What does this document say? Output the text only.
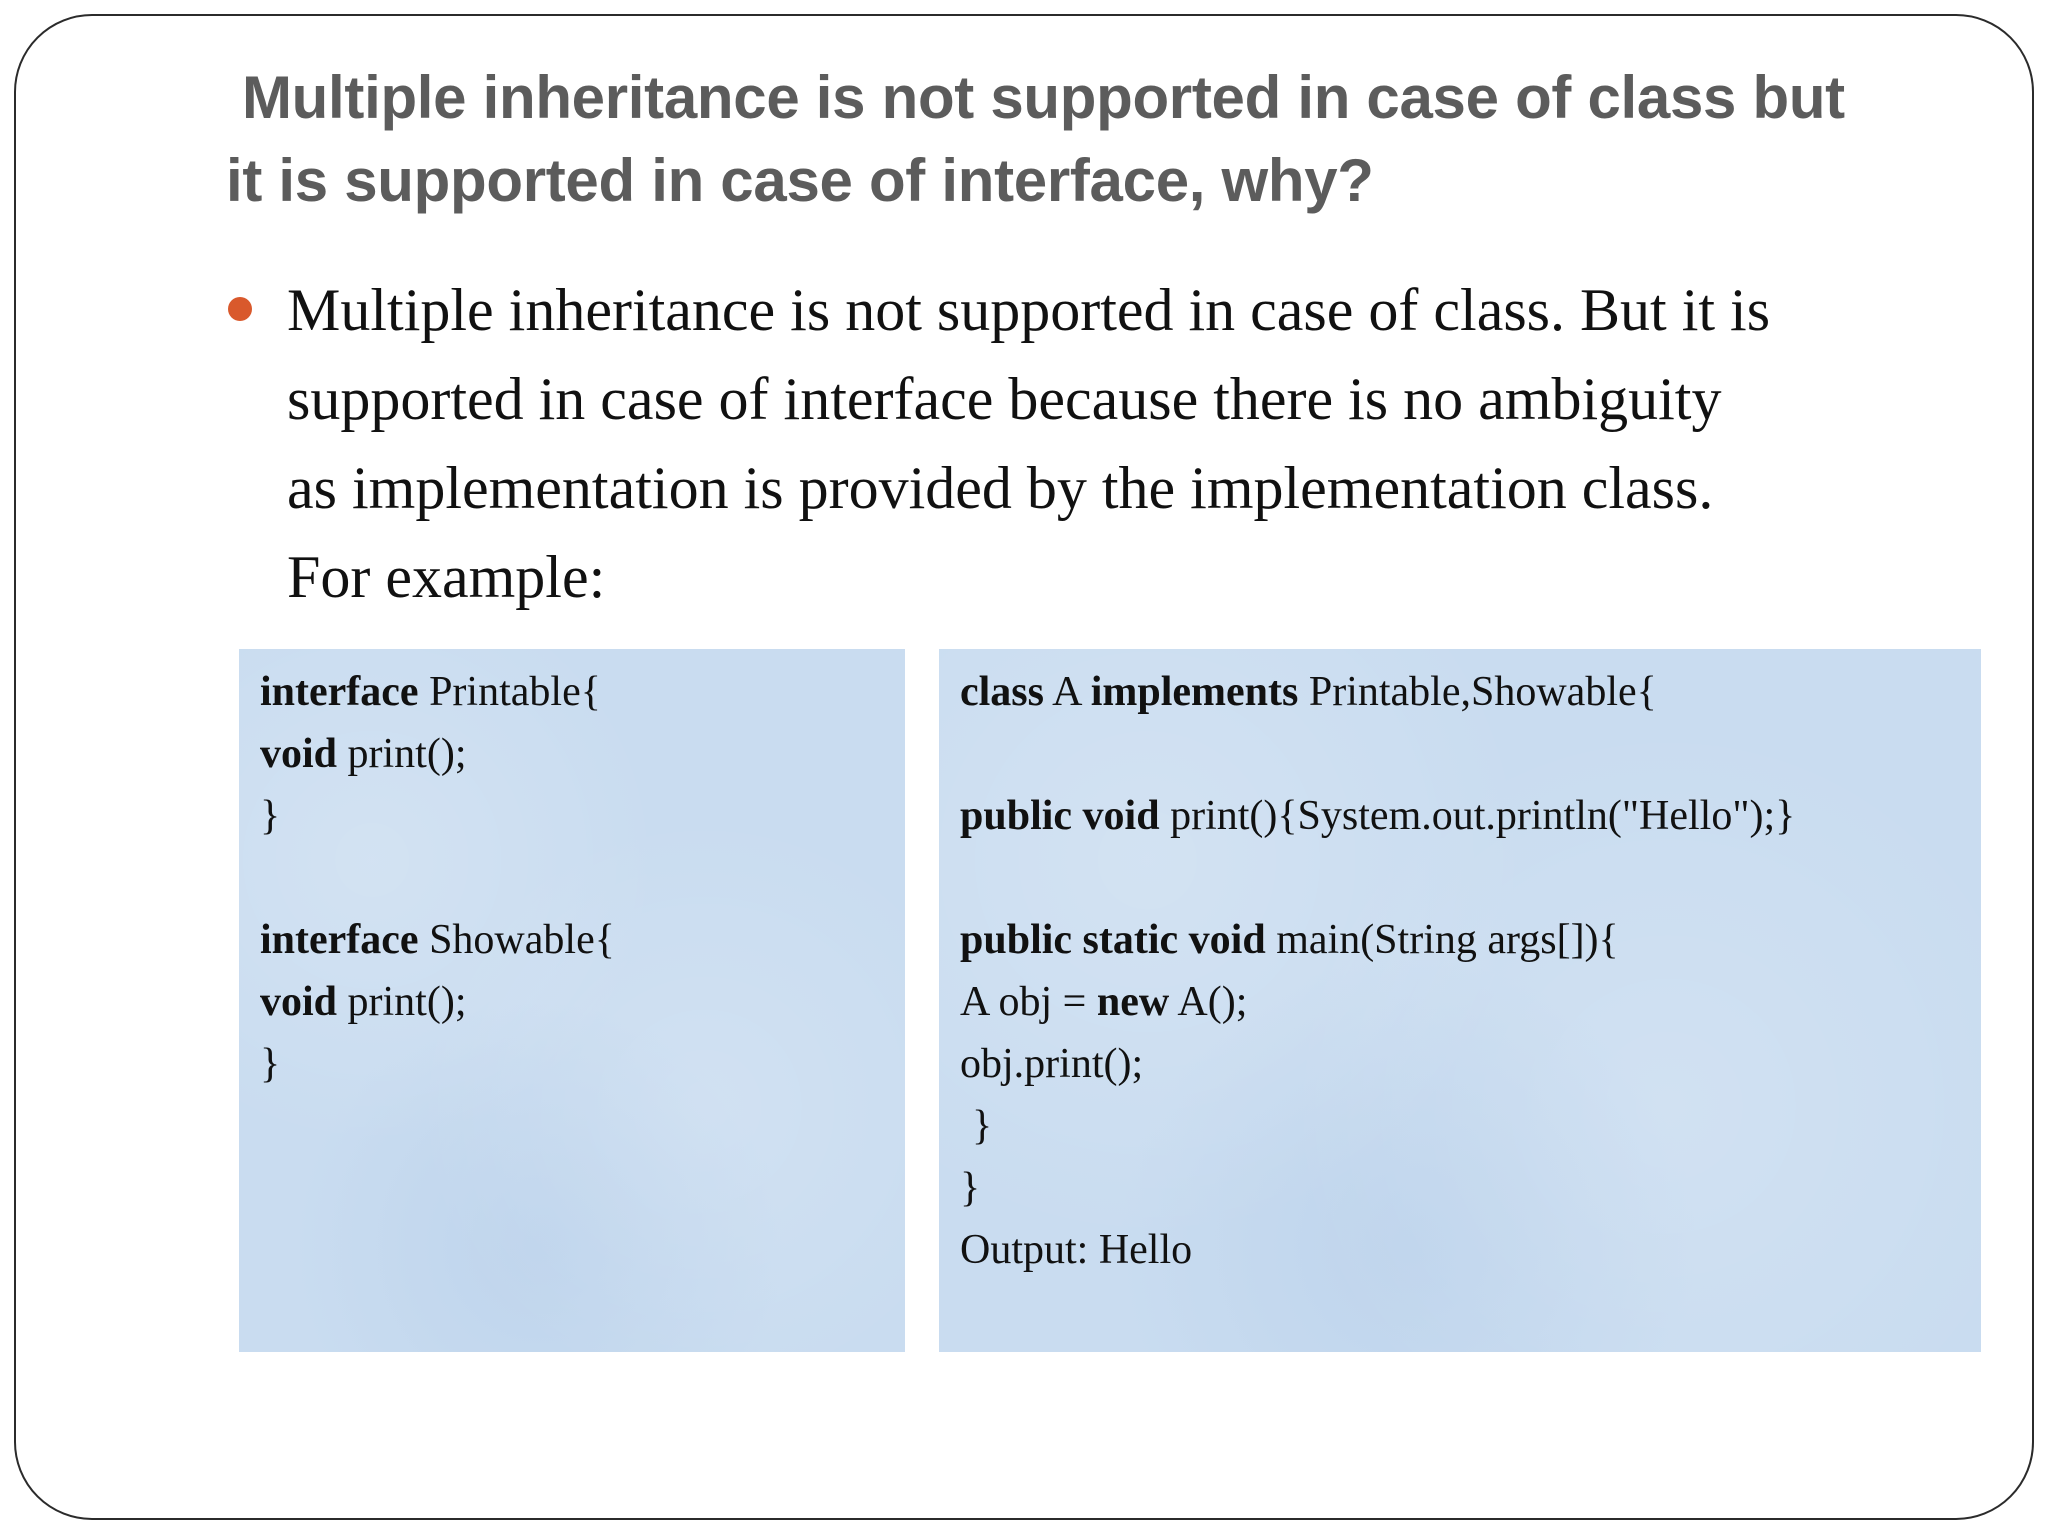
Multiple inheritance is not supported in case of class but
it is supported in case of interface, why?
Multiple inheritance is not supported in case of class. But it is
supported in case of interface because there is no ambiguity
as implementation is provided by the implementation class.
For example:
interface Printable{
void print();
}
interface Showable{
void print();
}
class A implements Printable,Showable{
public void print(){System.out.println("Hello");}
public static void main(String args[]){
A obj = new A();
obj.print();
}
}
Output: Hello
